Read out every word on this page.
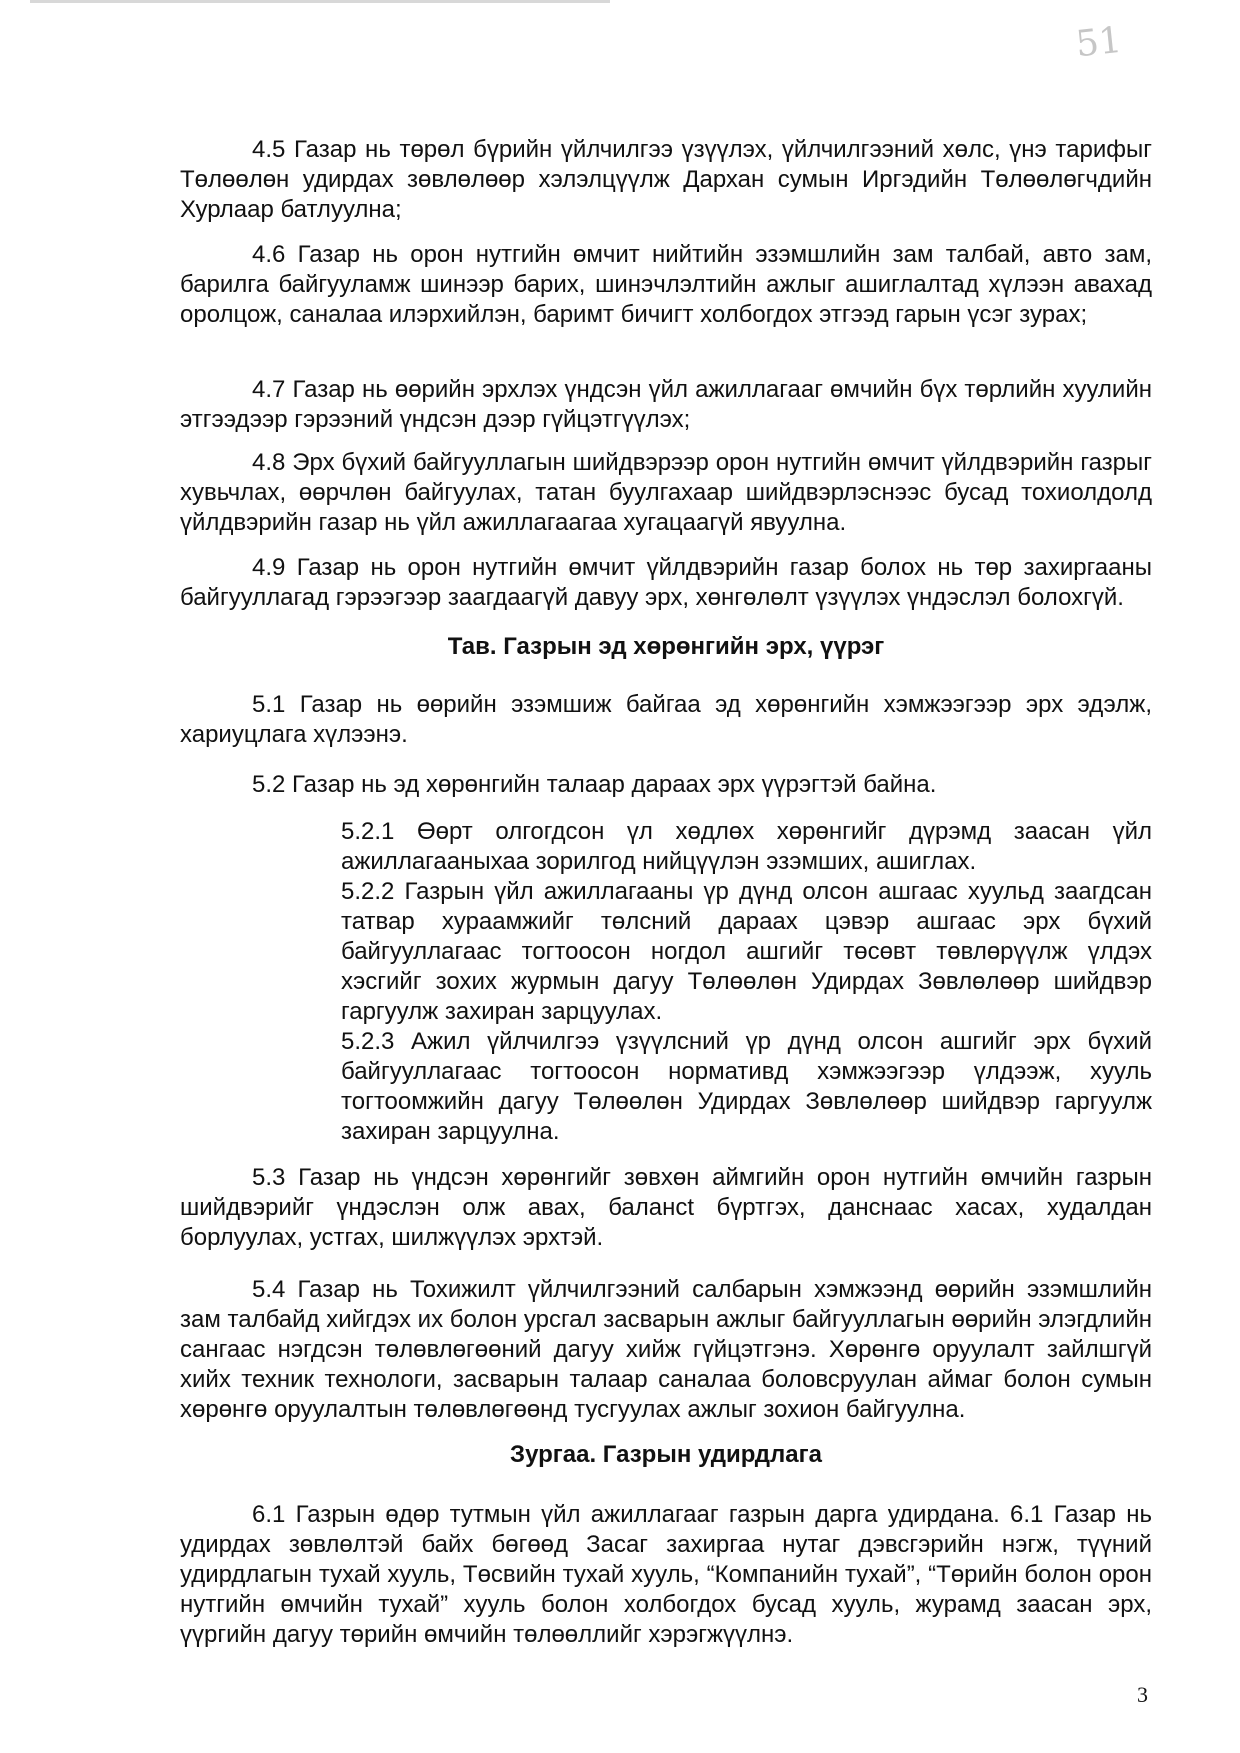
51

4.5 Газар нь төрөл бүрийн үйлчилгээ үзүүлэх, үйлчилгээний хөлс, үнэ тарифыг Төлөөлөн удирдах зөвлөлөөр хэлэлцүүлж Дархан сумын Иргэдийн Төлөөлөгчдийн Хурлаар батлуулна;

4.6 Газар нь орон нутгийн өмчит нийтийн эзэмшлийн зам талбай, авто зам, барилга байгууламж шинээр барих, шинэчлэлтийн ажлыг ашиглалтад хүлээн авахад оролцож, саналаа илэрхийлэн, баримт бичигт холбогдох этгээд гарын үсэг зурах;

4.7 Газар нь өөрийн эрхлэх үндсэн үйл ажиллагааг өмчийн бүх төрлийн хуулийн этгээдээр гэрээний үндсэн дээр гүйцэтгүүлэх;

4.8 Эрх бүхий байгууллагын шийдвэрээр орон нутгийн өмчит үйлдвэрийн газрыг хувьчлах, өөрчлөн байгуулах, татан буулгахаар шийдвэрлэснээс бусад тохиолдолд үйлдвэрийн газар нь үйл ажиллагаагаа хугацаагүй явуулна.

4.9 Газар нь орон нутгийн өмчит үйлдвэрийн газар болох нь төр захиргааны байгууллагад гэрээгээр заагдаагүй давуу эрх, хөнгөлөлт үзүүлэх үндэслэл болохгүй.

Тав. Газрын эд хөрөнгийн эрх, үүрэг

5.1 Газар нь өөрийн эзэмшиж байгаа эд хөрөнгийн хэмжээгээр эрх эдэлж, хариуцлага хүлээнэ.

5.2 Газар нь эд хөрөнгийн талаар дараах эрх үүрэгтэй байна.

5.2.1 Өөрт олгогдсон үл хөдлөх хөрөнгийг дүрэмд заасан үйл ажиллагааныхаа зорилгод нийцүүлэн эзэмших, ашиглах.

5.2.2 Газрын үйл ажиллагааны үр дүнд олсон ашгаас хуульд заагдсан татвар хураамжийг төлсний дараах цэвэр ашгаас эрх бүхий байгууллагаас тогтоосон ногдол ашгийг төсөвт төвлөрүүлж үлдэх хэсгийг зохих журмын дагуу Төлөөлөн Удирдах Зөвлөлөөр шийдвэр гаргуулж захиран зарцуулах.

5.2.3 Ажил үйлчилгээ үзүүлсний үр дүнд олсон ашгийг эрх бүхий байгууллагаас тогтоосон нормативд хэмжээгээр үлдээж, хууль тогтоомжийн дагуу Төлөөлөн Удирдах Зөвлөлөөр шийдвэр гаргуулж захиран зарцуулна.

5.3 Газар нь үндсэн хөрөнгийг зөвхөн аймгийн орон нутгийн өмчийн газрын шийдвэрийг үндэслэн олж авах, балансt бүртгэх, данснаас хасах, худалдан борлуулах, устгах, шилжүүлэх эрхтэй.

5.4 Газар нь Тохижилт үйлчилгээний салбарын хэмжээнд өөрийн эзэмшлийн зам талбайд хийгдэх их болон урсгал засварын ажлыг байгууллагын өөрийн элэгдлийн сангаас нэгдсэн төлөвлөгөөний дагуу хийж гүйцэтгэнэ. Хөрөнгө оруулалт зайлшгүй хийх техник технологи, засварын талаар саналаа боловсруулан аймаг болон сумын хөрөнгө оруулалтын төлөвлөгөөнд тусгуулах ажлыг зохион байгуулна.

Зургаа. Газрын удирдлага

6.1 Газрын өдөр тутмын үйл ажиллагааг газрын дарга удирдана. 6.1 Газар нь удирдах зөвлөлтэй байх бөгөөд Засаг захиргаа нутаг дэвсгэрийн нэгж, түүний удирдлагын тухай хууль, Төсвийн тухай хууль, “Компанийн тухай”, “Төрийн болон орон нутгийн өмчийн тухай” хууль болон холбогдох бусад хууль, журамд заасан эрх, үүргийн дагуу төрийн өмчийн төлөөллийг хэрэгжүүлнэ.

3
